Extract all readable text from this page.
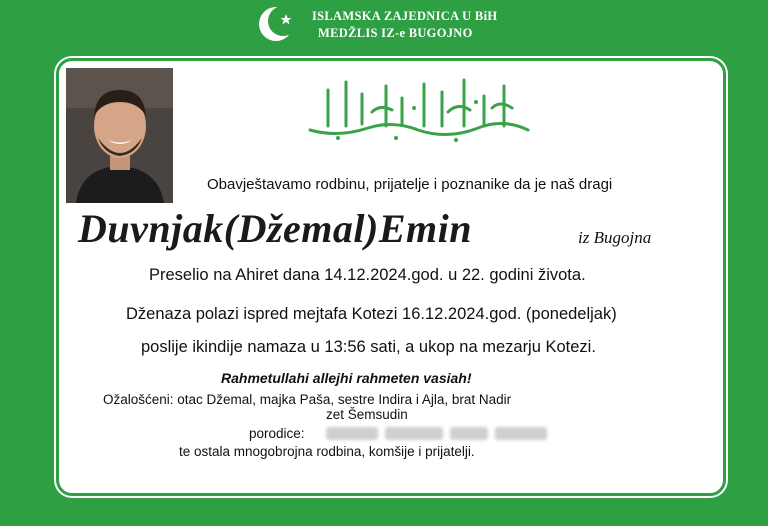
ISLAMSKA ZAJEDNICA U BiH
MEDŽLIS IZ-e BUGOJNO
Obavještavamo rodbinu, prijatelje i poznanike da je naš dragi
Duvnjak(Džemal)Emin	iz Bugojna
Preselio na Ahiret dana 14.12.2024.god. u 22. godini života.
Dženaza polazi ispred mejtafa Kotezi 16.12.2024.god. (ponedeljak)
poslije ikindije namaza u 13:56 sati, a ukop na mezarju Kotezi.
Rahmetullahi allejhi rahmeten vasiah!
Ožalošćeni: otac Džemal, majka Paša, sestre Indira i Ajla, brat Nadir
zet Šemsudin
porodice:
te ostala mnogobrojna rodbina, komšije i prijatelji.
